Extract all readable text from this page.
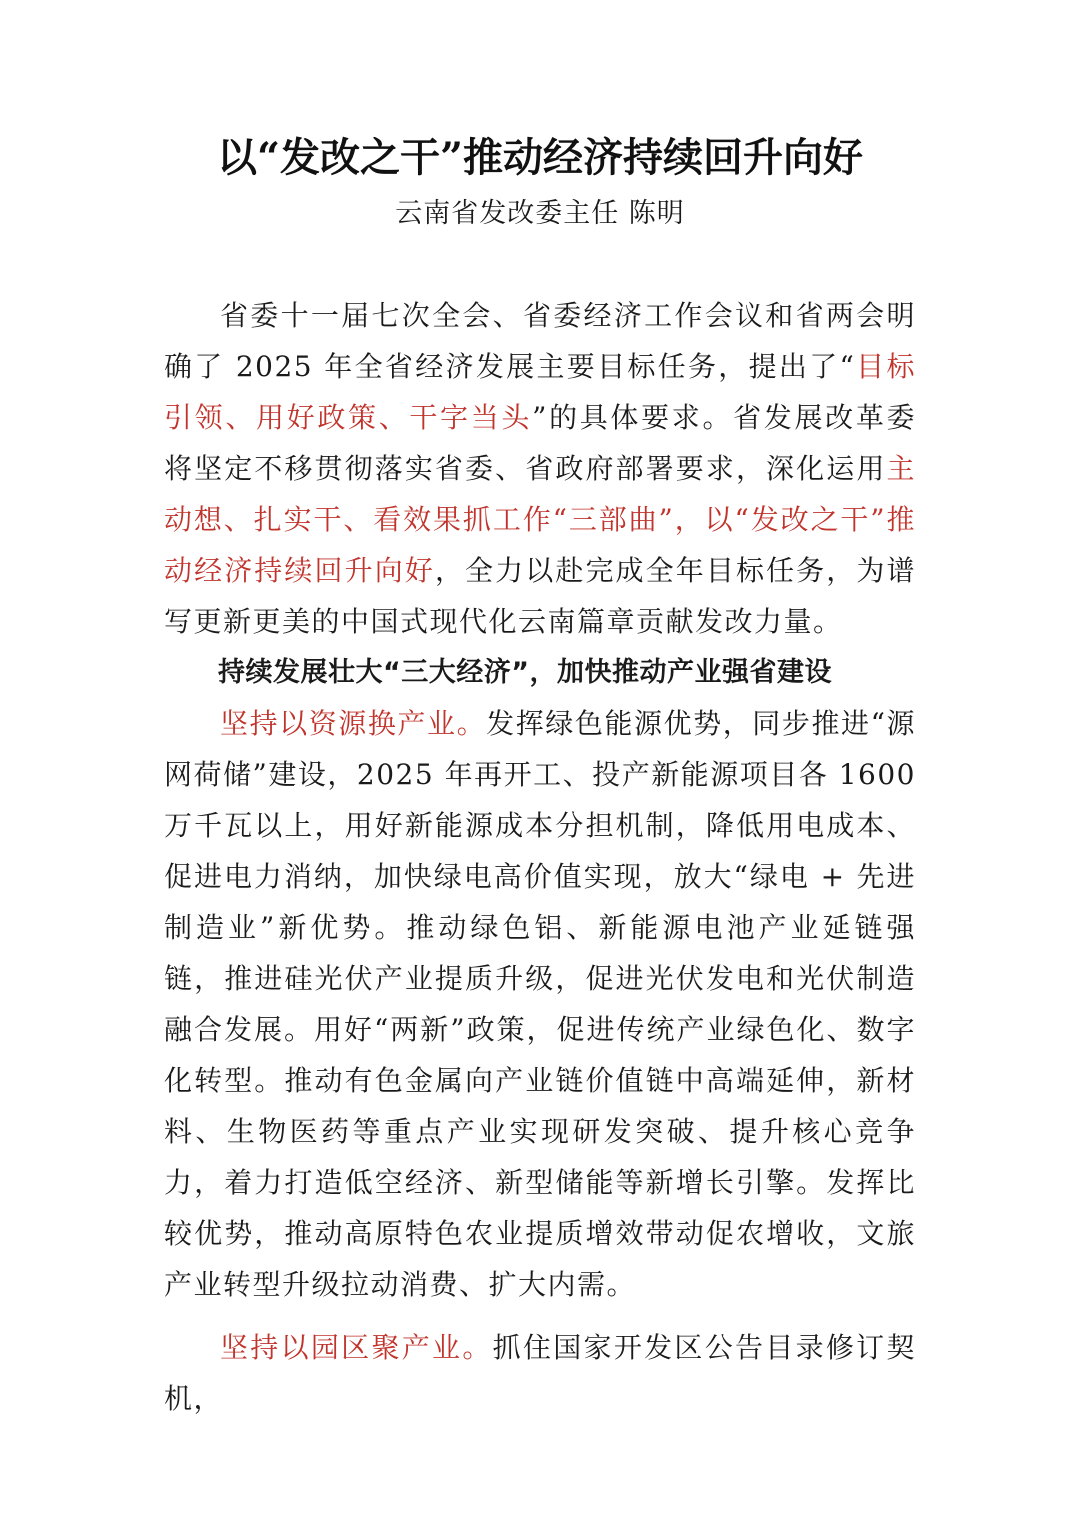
以“发改之干”推动经济持续回升向好
云南省发改委主任 陈明

省委十一届七次全会、省委经济工作会议和省两会明确了 2025 年全省经济发展主要目标任务，提出了“目标引领、用好政策、干字当头”的具体要求。省发展改革委将坚定不移贯彻落实省委、省政府部署要求，深化运用主动想、扎实干、看效果抓工作“三部曲”，以“发改之干”推动经济持续回升向好，全力以赴完成全年目标任务，为谱写更新更美的中国式现代化云南篇章贡献发改力量。

持续发展壮大“三大经济”，加快推动产业强省建设

坚持以资源换产业。发挥绿色能源优势，同步推进“源网荷储”建设，2025 年再开工、投产新能源项目各 1600 万千瓦以上，用好新能源成本分担机制，降低用电成本、促进电力消纳，加快绿电高价值实现，放大“绿电 + 先进制造业”新优势。推动绿色铝、新能源电池产业延链强链，推进硅光伏产业提质升级，促进光伏发电和光伏制造融合发展。用好“两新”政策，促进传统产业绿色化、数字化转型。推动有色金属向产业链价值链中高端延伸，新材料、生物医药等重点产业实现研发突破、提升核心竞争力，着力打造低空经济、新型储能等新增长引擎。发挥比较优势，推动高原特色农业提质增效带动促农增收，文旅产业转型升级拉动消费、扩大内需。

坚持以园区聚产业。抓住国家开发区公告目录修订契机，
